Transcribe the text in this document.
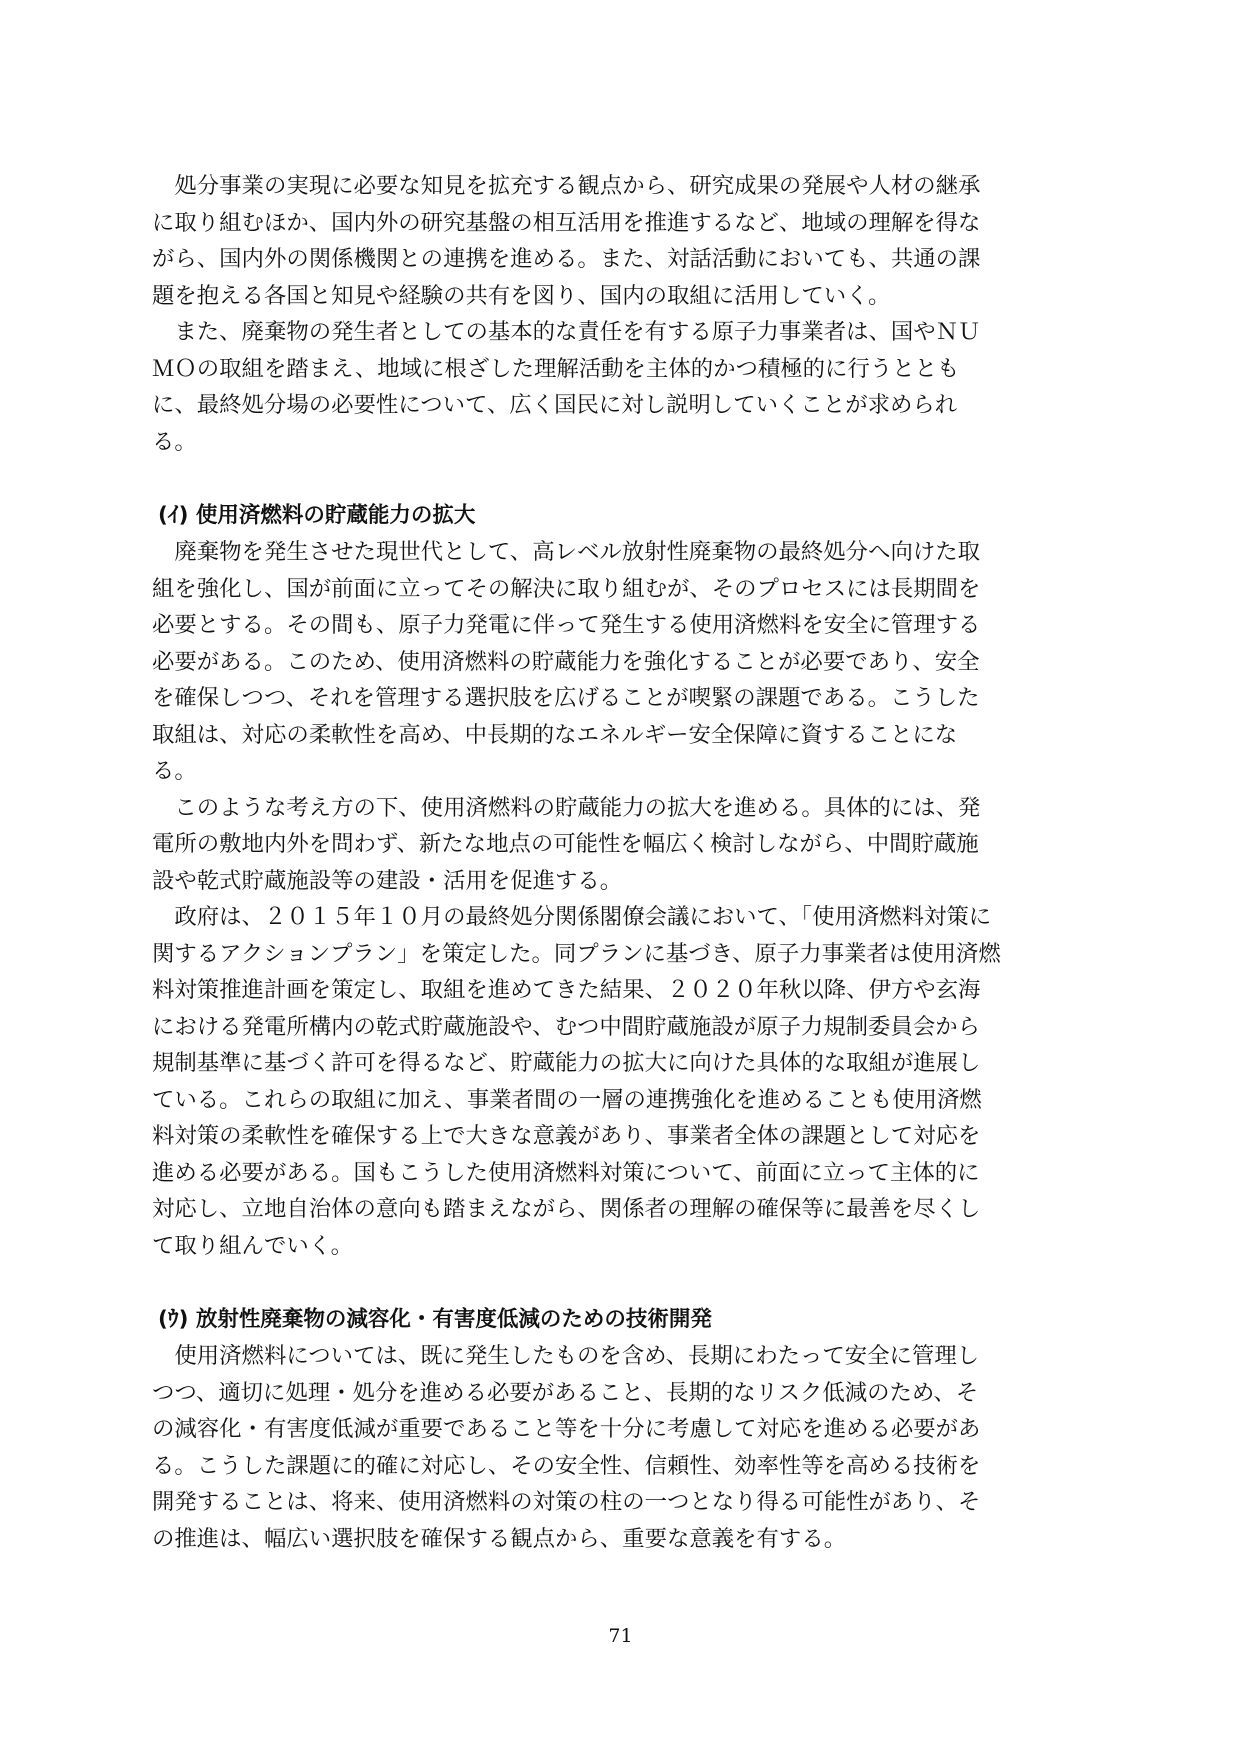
　処分事業の実現に必要な知見を拡充する観点から、研究成果の発展や人材の継承
に取り組むほか、国内外の研究基盤の相互活用を推進するなど、地域の理解を得な
がら、国内外の関係機関との連携を進める。また、対話活動においても、共通の課
題を抱える各国と知見や経験の共有を図り、国内の取組に活用していく。
　また、廃棄物の発生者としての基本的な責任を有する原子力事業者は、国やＮＵ
ＭＯの取組を踏まえ、地域に根ざした理解活動を主体的かつ積極的に行うととも
に、最終処分場の必要性について、広く国民に対し説明していくことが求められ
る。
(ｲ) 使用済燃料の貯蔵能力の拡大
　廃棄物を発生させた現世代として、高レベル放射性廃棄物の最終処分へ向けた取
組を強化し、国が前面に立ってその解決に取り組むが、そのプロセスには長期間を
必要とする。その間も、原子力発電に伴って発生する使用済燃料を安全に管理する
必要がある。このため、使用済燃料の貯蔵能力を強化することが必要であり、安全
を確保しつつ、それを管理する選択肢を広げることが喫緊の課題である。こうした
取組は、対応の柔軟性を高め、中長期的なエネルギー安全保障に資することにな
る。
　このような考え方の下、使用済燃料の貯蔵能力の拡大を進める。具体的には、発
電所の敷地内外を問わず、新たな地点の可能性を幅広く検討しながら、中間貯蔵施
設や乾式貯蔵施設等の建設・活用を促進する。
　政府は、２０１５年１０月の最終処分関係閣僚会議において、「使用済燃料対策に
関するアクションプラン」を策定した。同プランに基づき、原子力事業者は使用済燃
料対策推進計画を策定し、取組を進めてきた結果、２０２０年秋以降、伊方や玄海
における発電所構内の乾式貯蔵施設や、むつ中間貯蔵施設が原子力規制委員会から
規制基準に基づく許可を得るなど、貯蔵能力の拡大に向けた具体的な取組が進展し
ている。これらの取組に加え、事業者間の一層の連携強化を進めることも使用済燃
料対策の柔軟性を確保する上で大きな意義があり、事業者全体の課題として対応を
進める必要がある。国もこうした使用済燃料対策について、前面に立って主体的に
対応し、立地自治体の意向も踏まえながら、関係者の理解の確保等に最善を尽くし
て取り組んでいく。
(ｳ) 放射性廃棄物の減容化・有害度低減のための技術開発
　使用済燃料については、既に発生したものを含め、長期にわたって安全に管理し
つつ、適切に処理・処分を進める必要があること、長期的なリスク低減のため、そ
の減容化・有害度低減が重要であること等を十分に考慮して対応を進める必要があ
る。こうした課題に的確に対応し、その安全性、信頼性、効率性等を高める技術を
開発することは、将来、使用済燃料の対策の柱の一つとなり得る可能性があり、そ
の推進は、幅広い選択肢を確保する観点から、重要な意義を有する。
71
